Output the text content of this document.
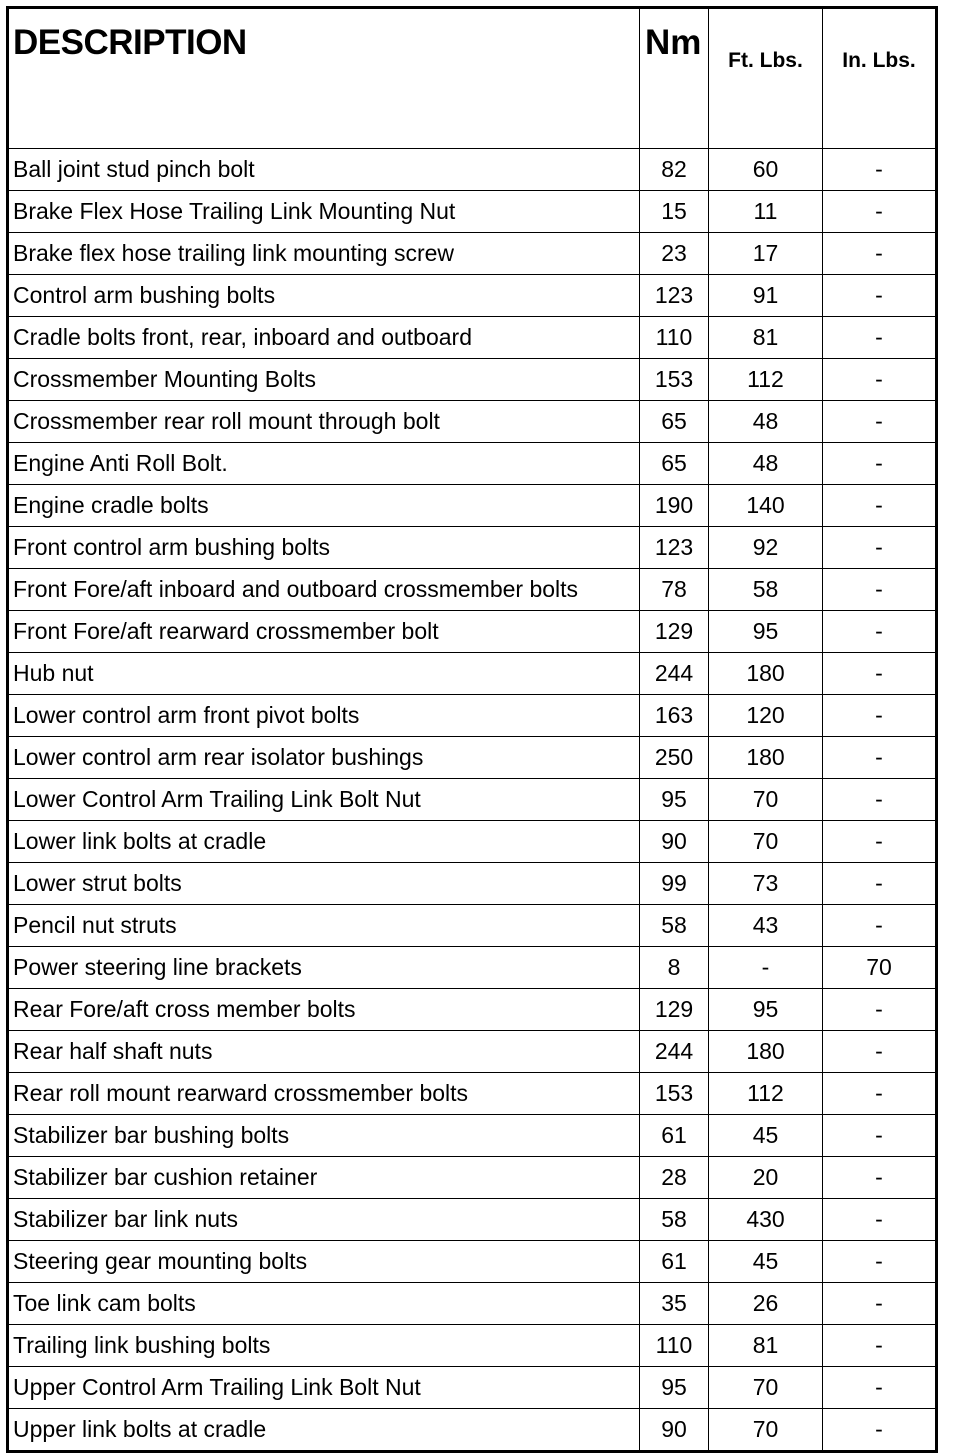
DESCRIPTION	Nm	Ft. Lbs.	In. Lbs.
Ball joint stud pinch bolt	82	60	-
Brake Flex Hose Trailing Link Mounting Nut	15	11	-
Brake flex hose trailing link mounting screw	23	17	-
Control arm bushing bolts	123	91	-
Cradle bolts front, rear, inboard and outboard	110	81	-
Crossmember Mounting Bolts	153	112	-
Crossmember rear roll mount through bolt	65	48	-
Engine Anti Roll Bolt.	65	48	-
Engine cradle bolts	190	140	-
Front control arm bushing bolts	123	92	-
Front Fore/aft inboard and outboard crossmember bolts	78	58	-
Front Fore/aft rearward crossmember bolt	129	95	-
Hub nut	244	180	-
Lower control arm front pivot bolts	163	120	-
Lower control arm rear isolator bushings	250	180	-
Lower Control Arm Trailing Link Bolt Nut	95	70	-
Lower link bolts at cradle	90	70	-
Lower strut bolts	99	73	-
Pencil nut struts	58	43	-
Power steering line brackets	8	-	70
Rear Fore/aft cross member bolts	129	95	-
Rear half shaft nuts	244	180	-
Rear roll mount rearward crossmember bolts	153	112	-
Stabilizer bar bushing bolts	61	45	-
Stabilizer bar cushion retainer	28	20	-
Stabilizer bar link nuts	58	430	-
Steering gear mounting bolts	61	45	-
Toe link cam bolts	35	26	-
Trailing link bushing bolts	110	81	-
Upper Control Arm Trailing Link Bolt Nut	95	70	-
Upper link bolts at cradle	90	70	-
